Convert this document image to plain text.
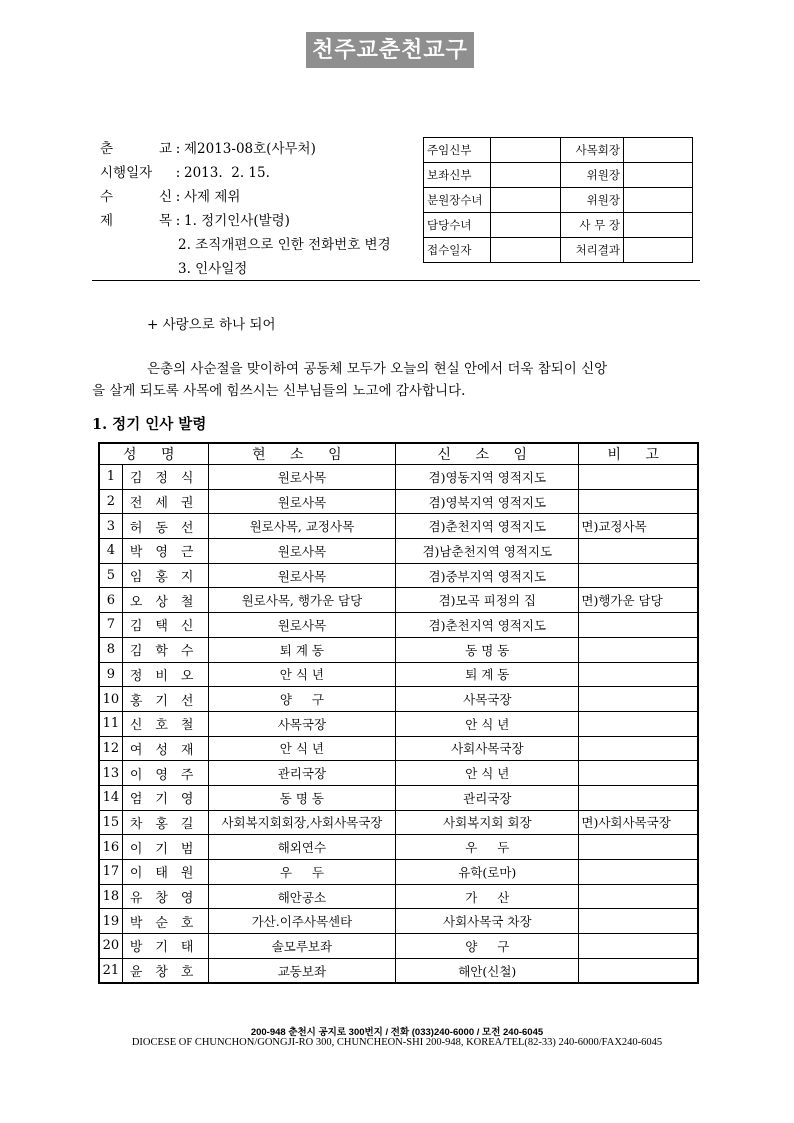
천주교춘천교구
춘 교 : 제2013-08호(사무처)
시행일자 : 2013.  2. 15.
수 신 : 사제 제위
제 목 : 1. 정기인사(발령)
2. 조직개편으로 인한 전화번호 변경
3. 인사일정
주임신부		사목회장	
보좌신부		위원장	
분원장수녀		위원장	
담당수녀		사 무 장	
접수일자		처리결과	
+ 사랑으로 하나 되어
은총의 사순절을 맞이하여 공동체 모두가 오늘의 현실 안에서 더욱 참되이 신앙
을 살게 되도록 사목에 힘쓰시는 신부님들의 노고에 감사합니다.
1. 정기 인사 발령
성 명		현 소 임	신 소 임	비 고
1	김정식	원로사목	겸)영동지역 영적지도	
2	전세권	원로사목	겸)영북지역 영적지도	
3	허동선	원로사목, 교정사목	겸)춘천지역 영적지도	면)교정사목
4	박영근	원로사목	겸)남춘천지역 영적지도	
5	임홍지	원로사목	겸)중부지역 영적지도	
6	오상철	원로사목, 행가운 담당	겸)모곡 피정의 집	면)행가운 담당
7	김택신	원로사목	겸)춘천지역 영적지도	
8	김학수	퇴 계 동	동 명 동	
9	정비오	안 식 년	퇴 계 동	
10	홍기선	양     구	사목국장	
11	신호철	사목국장	안 식 년	
12	여성재	안 식 년	사회사목국장	
13	이영주	관리국장	안 식 년	
14	엄기영	동 명 동	관리국장	
15	차홍길	사회복지회회장,사회사목국장	사회복지회 회장	면)사회사목국장
16	이기범	해외연수	우     두	
17	이태원	우     두	유학(로마)	
18	유창영	해안공소	가     산	
19	박순호	가산.이주사목센타	사회사목국 차장	
20	방기태	솔모루보좌	양     구	
21	윤창호	교동보좌	해안(신철)	
200-948 춘천시 공지로 300번지 / 전화 (033)240-6000 / 모전 240-6045
DIOCESE OF CHUNCHON/GONGJI-RO 300, CHUNCHEON-SHI 200-948, KOREA/TEL(82-33) 240-6000/FAX240-6045
